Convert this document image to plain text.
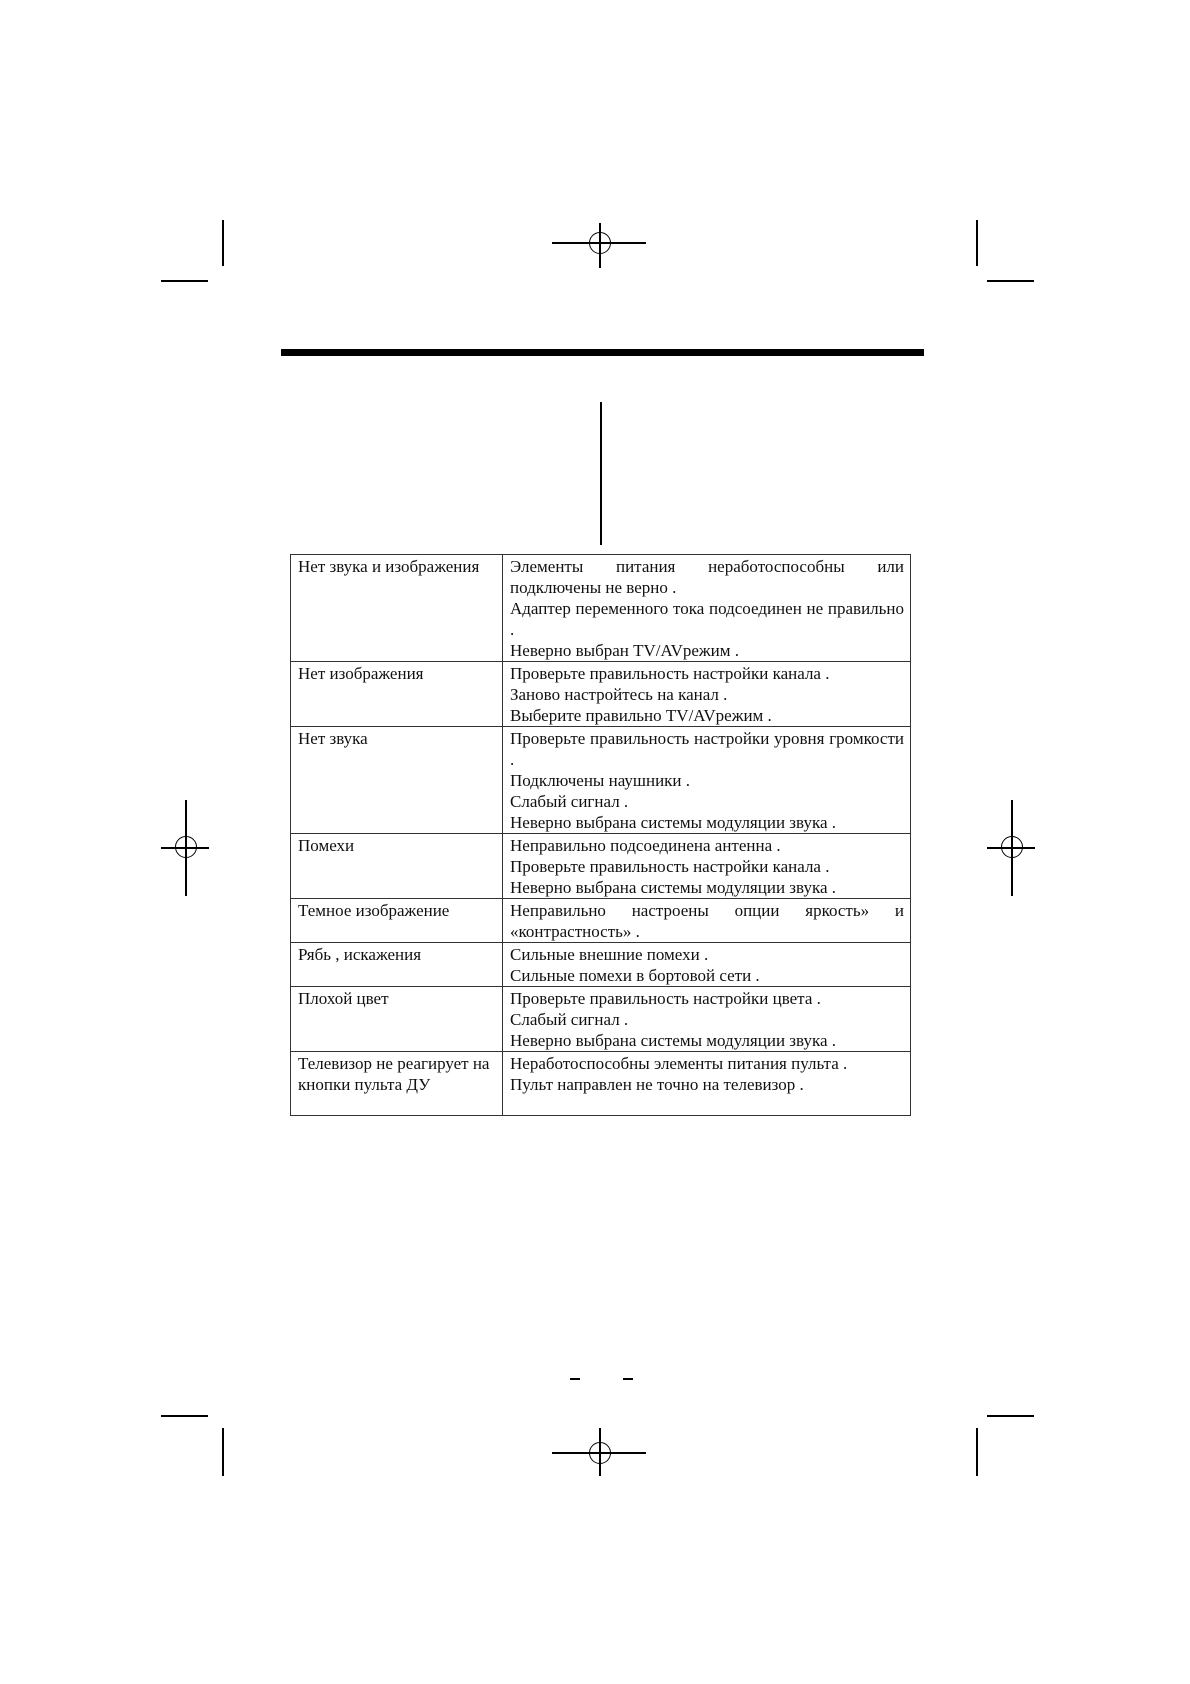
Нет звука и изображения	Элементы питания неработоспособны или подключены не верно .
Адаптер переменного тока подсоединен не правильно .
Неверно выбран TV/AVрежим .

Нет изображения	Проверьте правильность настройки канала .
Заново настройтесь на канал .
Выберите правильно TV/AVрежим .

Нет звука	Проверьте правильность настройки уровня громкости .
Подключены наушники .
Слабый сигнал .
Неверно выбрана системы модуляции звука .

Помехи	Неправильно подсоединена антенна .
Проверьте правильность настройки канала .
Неверно выбрана системы модуляции звука .

Темное изображение	Неправильно настроены опции яркость» и «контрастность» .

Рябь , искажения	Сильные внешние помехи .
Сильные помехи в бортовой сети .

Плохой цвет	Проверьте правильность настройки цвета .
Слабый сигнал .
Неверно выбрана системы модуляции звука .

Телевизор не реагирует на кнопки пульта ДУ	Неработоспособны элементы питания пульта .
Пульт направлен не точно на телевизор .
